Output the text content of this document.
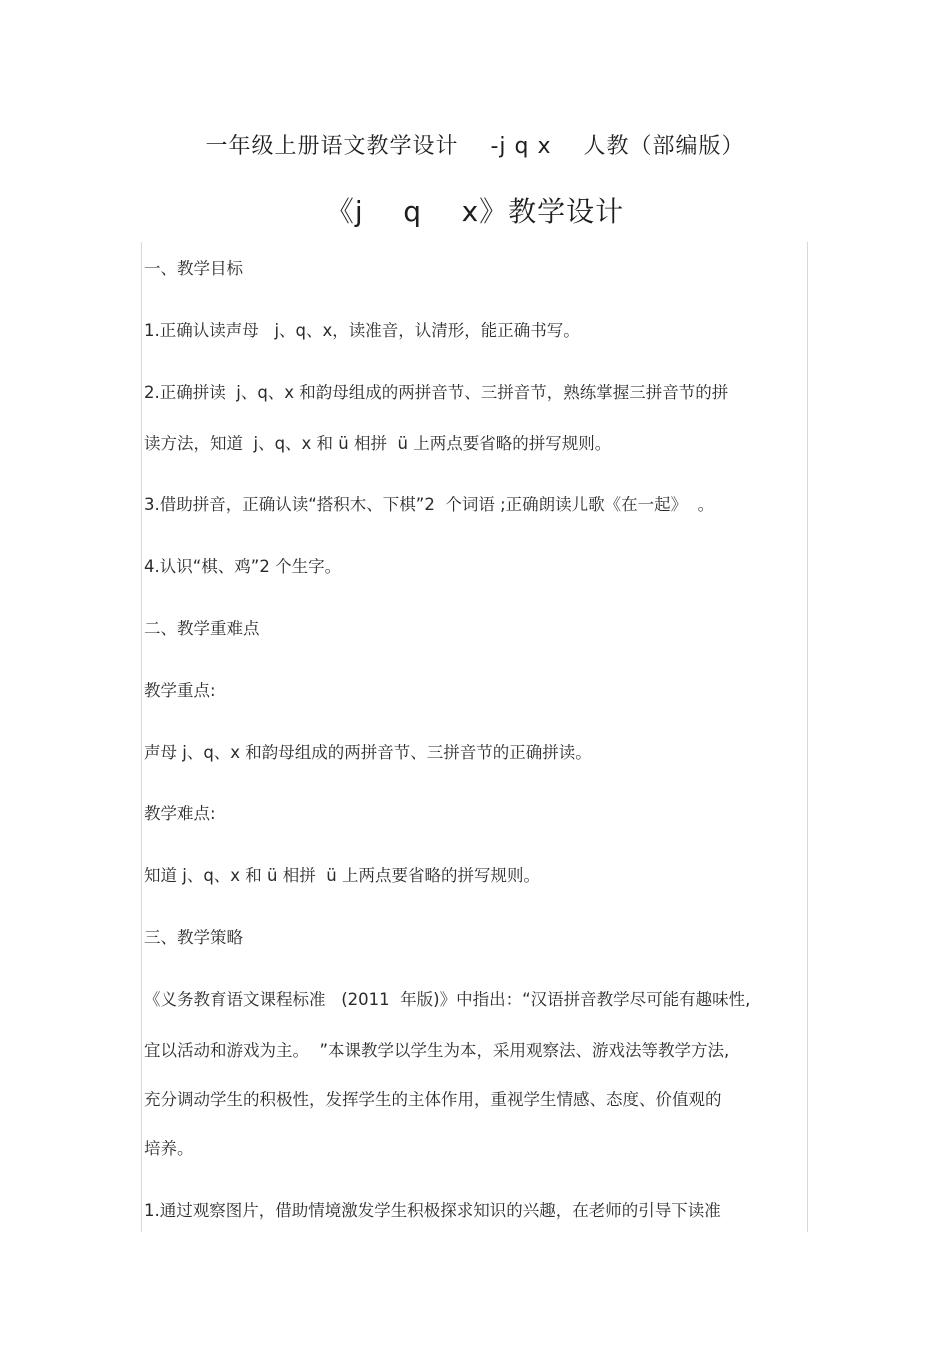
一年级上册语文教学设计    -j q x    人教（部编版）
《j    q    x》教学设计
一、教学目标
1.正确认读声母   j、q、x，读准音，认清形，能正确书写。
2.正确拼读  j、q、x 和韵母组成的两拼音节、三拼音节，熟练掌握三拼音节的拼
读方法，知道  j、q、x 和 ü 相拼  ü 上两点要省略的拼写规则。
3.借助拼音，正确认读“搭积木、下棋”2  个词语 ;正确朗读儿歌《在一起》  。
4.认识“棋、鸡”2 个生字。
二、教学重难点
教学重点:
声母 j、q、x 和韵母组成的两拼音节、三拼音节的正确拼读。
教学难点:
知道 j、q、x 和 ü 相拼  ü 上两点要省略的拼写规则。
三、教学策略
《义务教育语文课程标准   (2011  年版)》中指出：“汉语拼音教学尽可能有趣味性,
宜以活动和游戏为主。  ”本课教学以学生为本，采用观察法、游戏法等教学方法,
充分调动学生的积极性，发挥学生的主体作用，重视学生情感、态度、价值观的
培养。
1.通过观察图片，借助情境激发学生积极探求知识的兴趣，在老师的引导下读准
